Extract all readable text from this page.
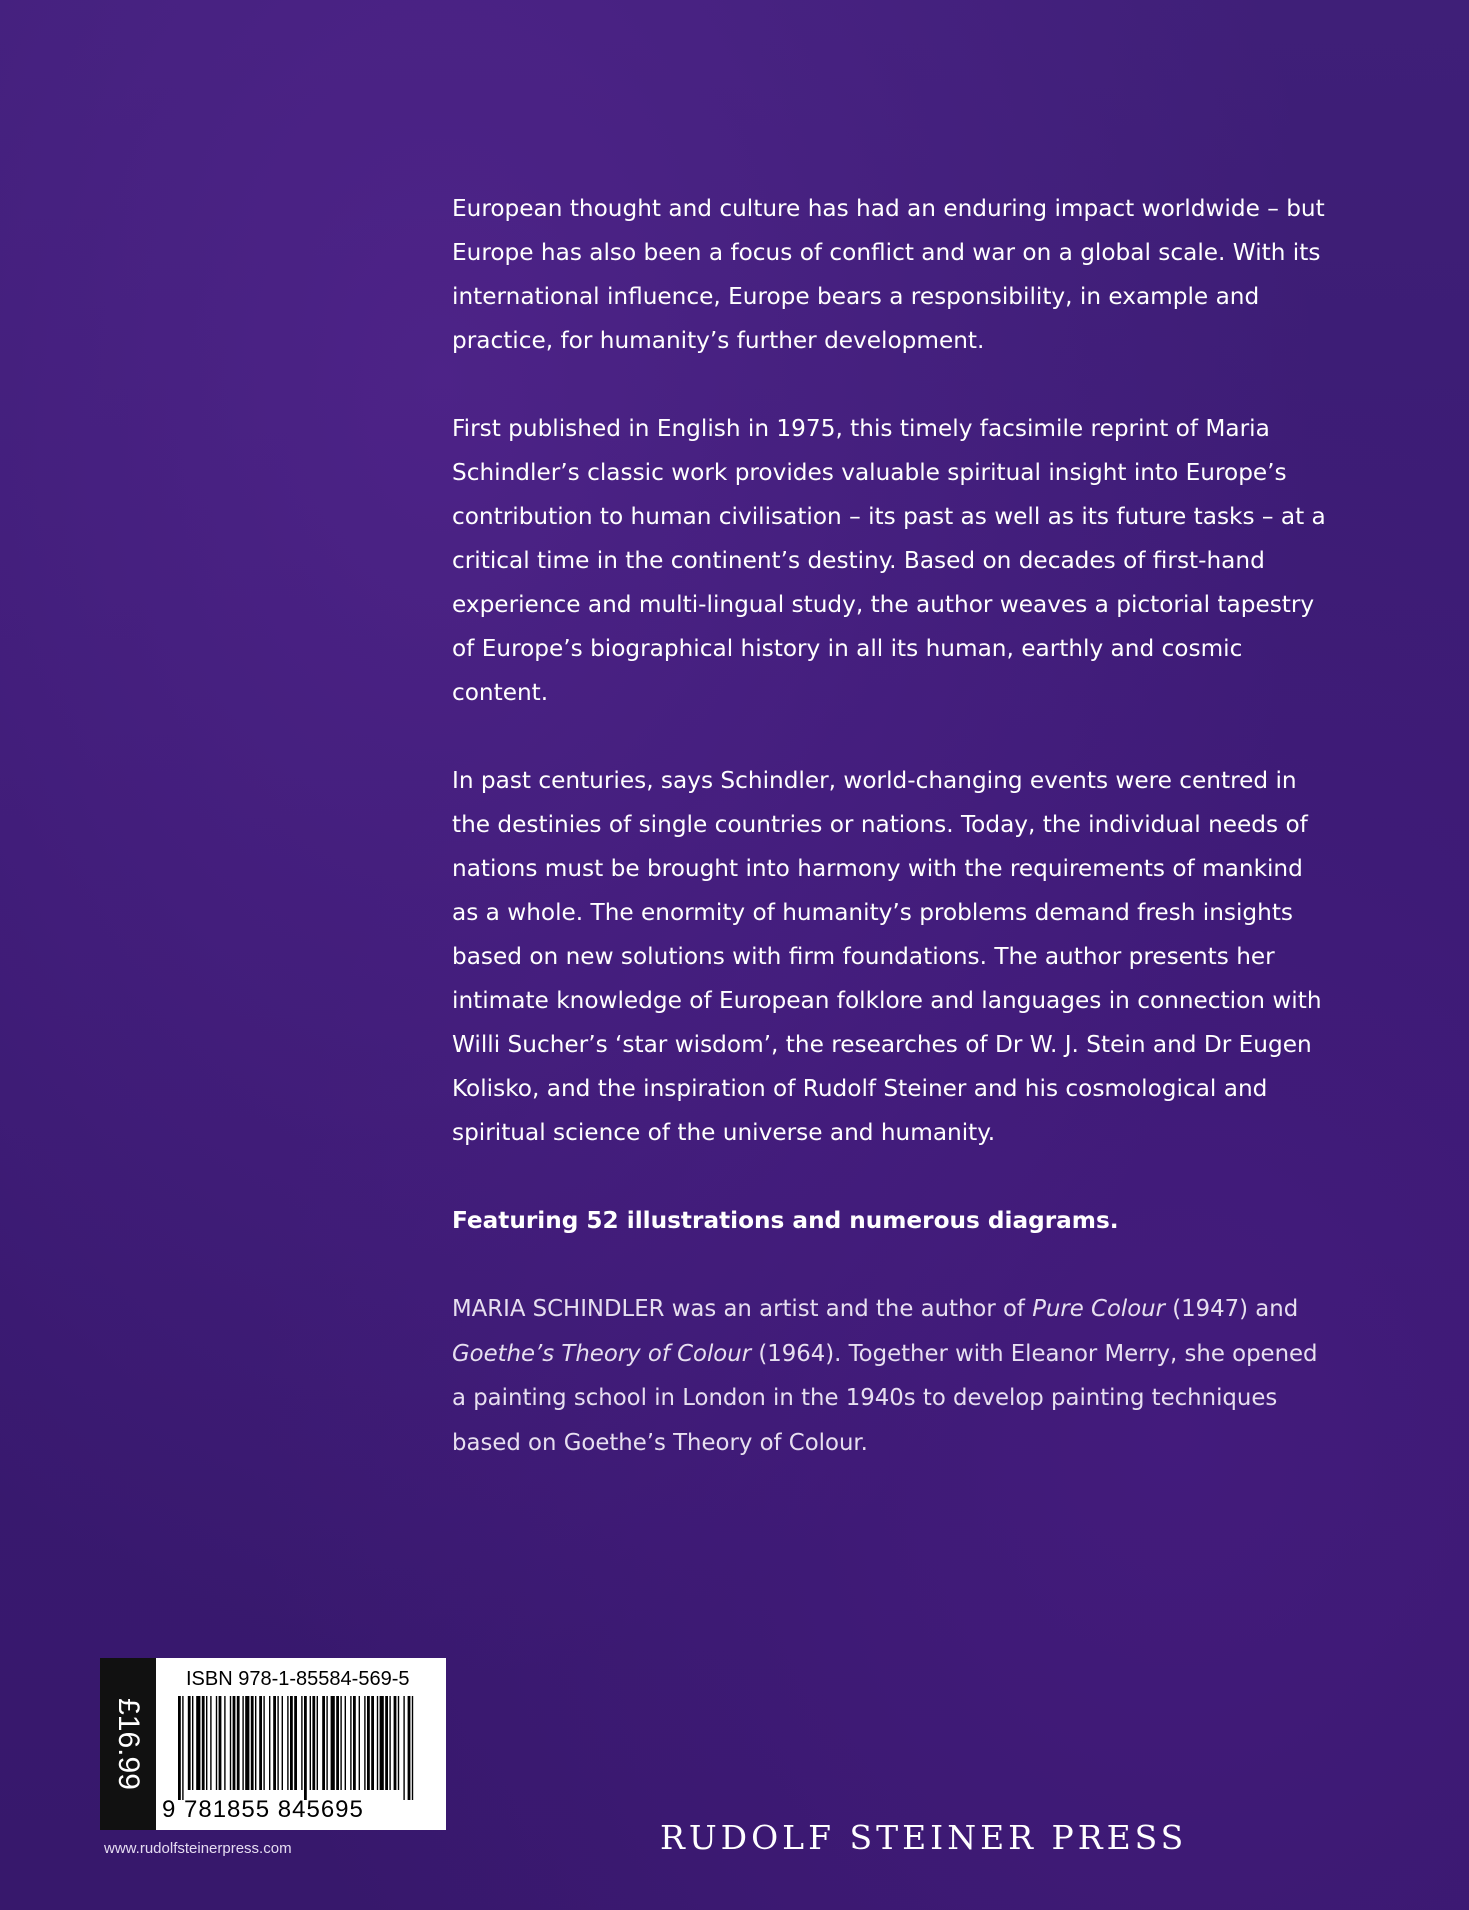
European thought and culture has had an enduring impact worldwide – but Europe has also been a focus of conflict and war on a global scale. With its international influence, Europe bears a responsibility, in example and practice, for humanity’s further development.

First published in English in 1975, this timely facsimile reprint of Maria Schindler’s classic work provides valuable spiritual insight into Europe’s contribution to human civilisation – its past as well as its future tasks – at a critical time in the continent’s destiny. Based on decades of first-hand experience and multi-lingual study, the author weaves a pictorial tapestry of Europe’s biographical history in all its human, earthly and cosmic content.

In past centuries, says Schindler, world-changing events were centred in the destinies of single countries or nations. Today, the individual needs of nations must be brought into harmony with the requirements of mankind as a whole. The enormity of humanity’s problems demand fresh insights based on new solutions with firm foundations. The author presents her intimate knowledge of European folklore and languages in connection with Willi Sucher’s ‘star wisdom’, the researches of Dr W. J. Stein and Dr Eugen Kolisko, and the inspiration of Rudolf Steiner and his cosmological and spiritual science of the universe and humanity.

Featuring 52 illustrations and numerous diagrams.

MARIA SCHINDLER was an artist and the author of Pure Colour (1947) and Goethe’s Theory of Colour (1964). Together with Eleanor Merry, she opened a painting school in London in the 1940s to develop painting techniques based on Goethe’s Theory of Colour.

£16.99
ISBN 978-1-85584-569-5
9 781855 845695
www.rudolfsteinerpress.com	RUDOLF STEINER PRESS
